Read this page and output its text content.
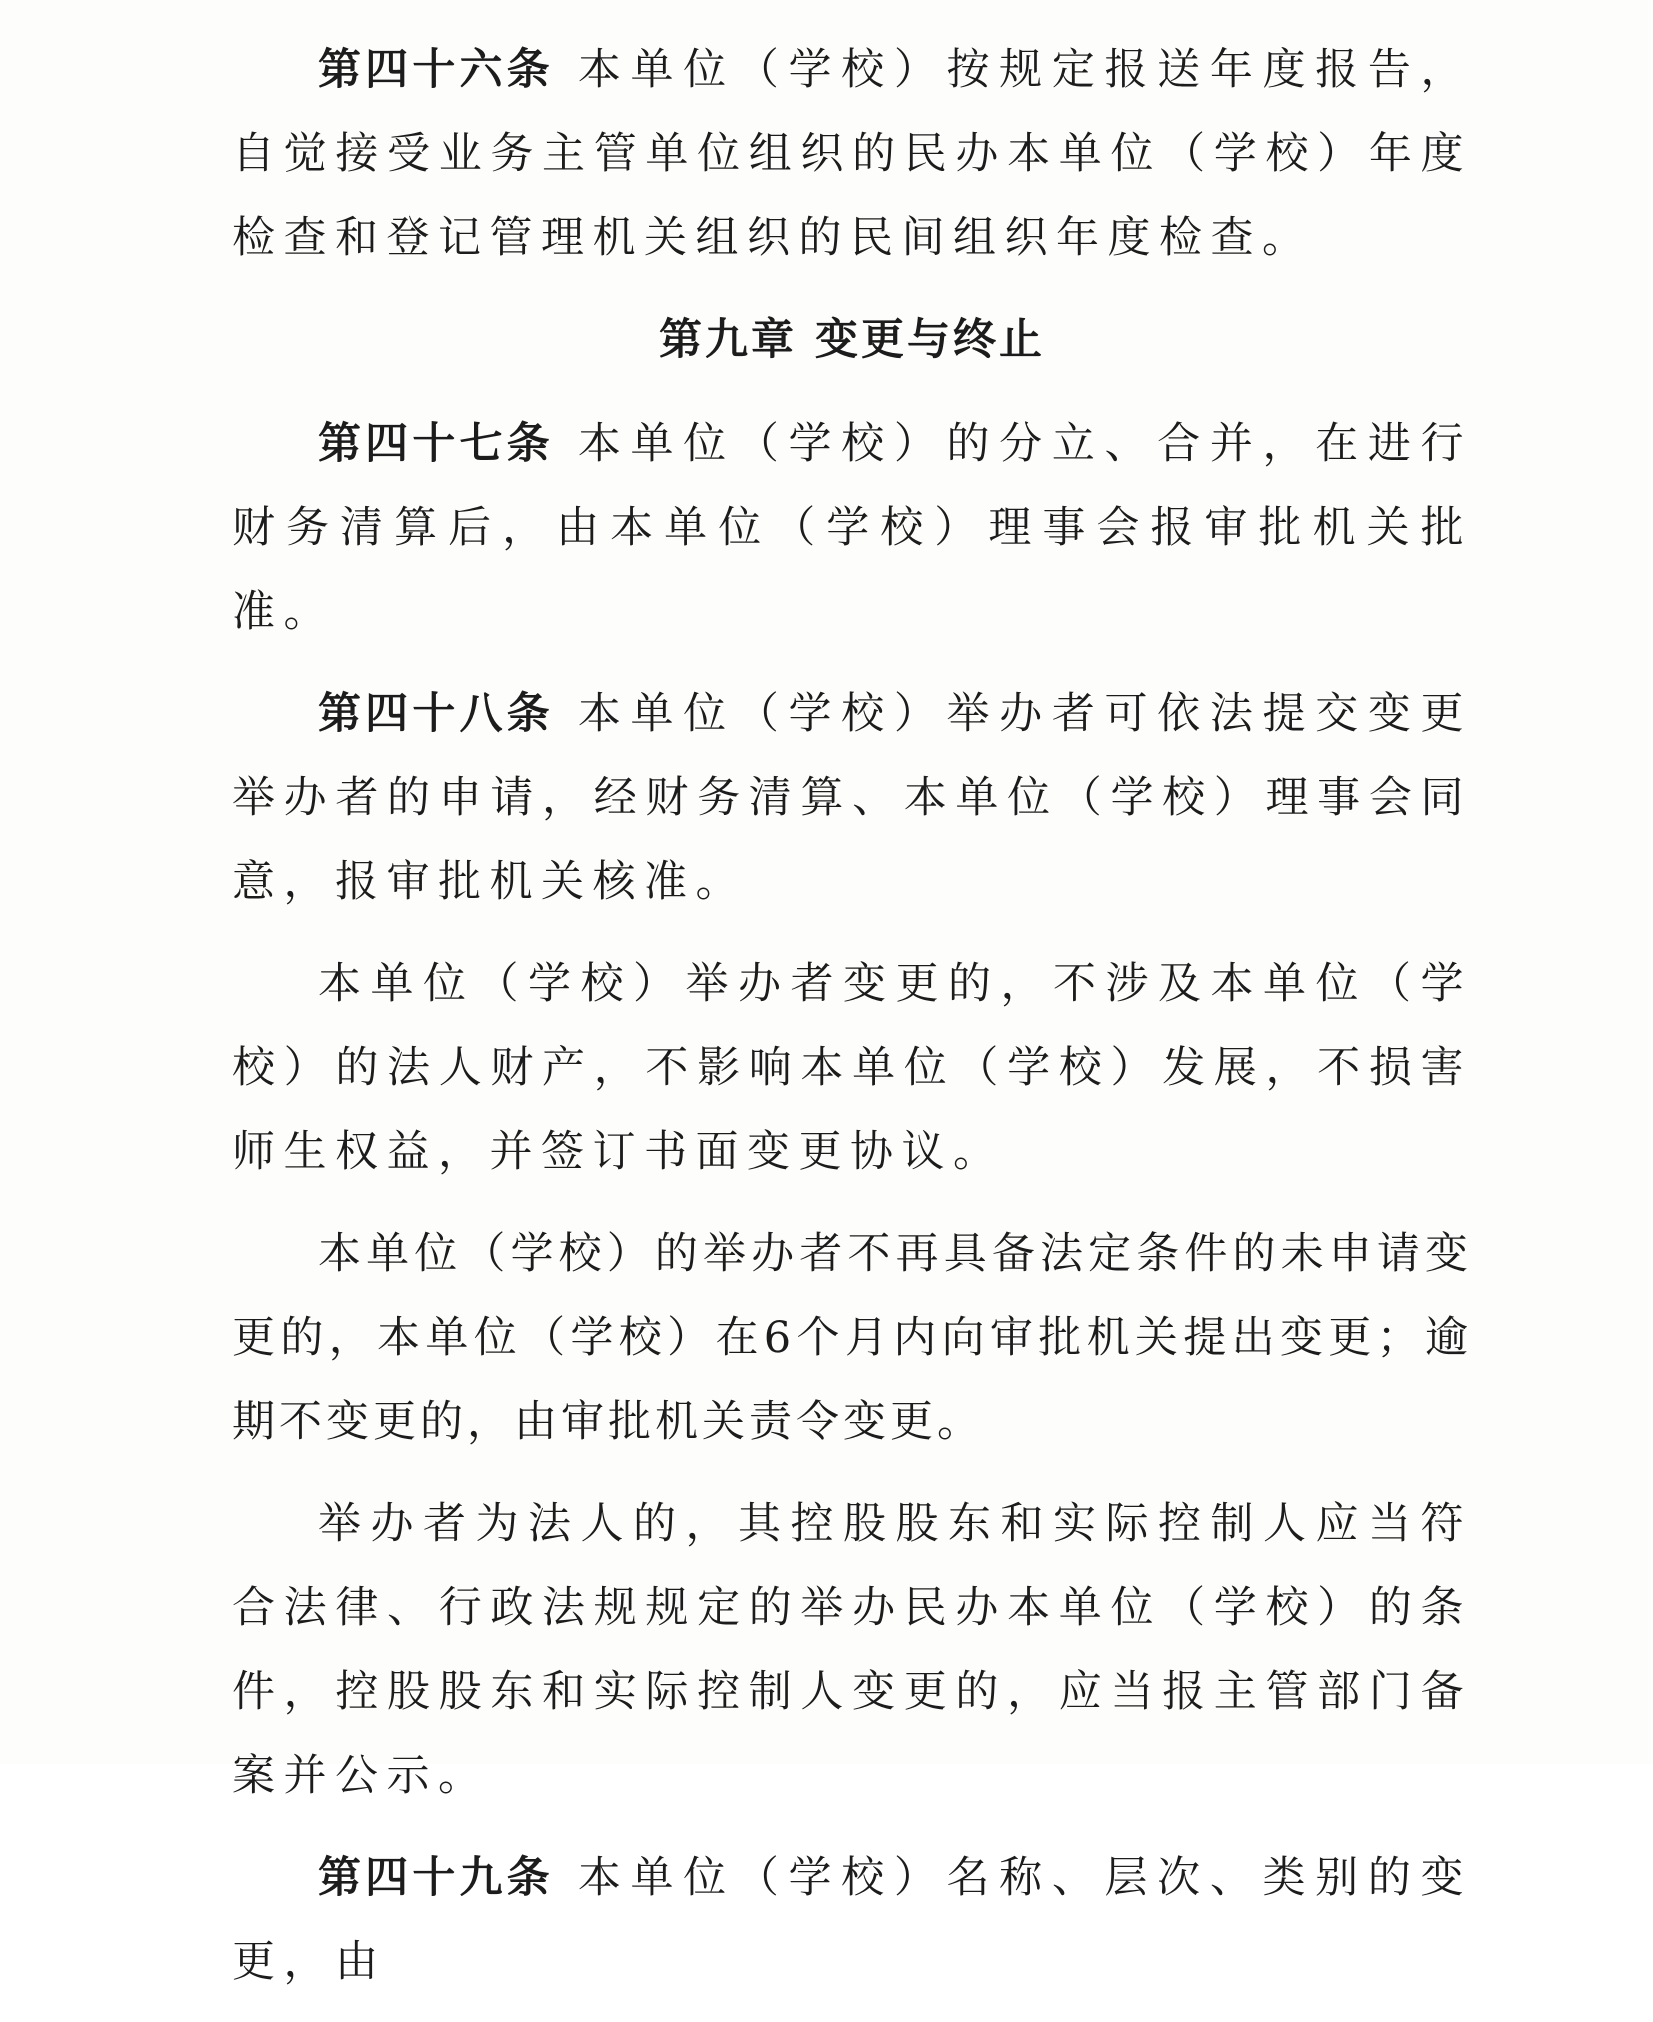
第四十六条 本单位（学校）按规定报送年度报告，自觉接受业务主管单位组织的民办本单位（学校）年度检查和登记管理机关组织的民间组织年度检查。

第九章 变更与终止

第四十七条 本单位（学校）的分立、合并，在进行财务清算后，由本单位（学校）理事会报审批机关批准。

第四十八条 本单位（学校）举办者可依法提交变更举办者的申请，经财务清算、本单位（学校）理事会同意，报审批机关核准。

本单位（学校）举办者变更的，不涉及本单位（学校）的法人财产，不影响本单位（学校）发展，不损害师生权益，并签订书面变更协议。

本单位（学校）的举办者不再具备法定条件的未申请变更的，本单位（学校）在6个月内向审批机关提出变更；逾期不变更的，由审批机关责令变更。

举办者为法人的，其控股股东和实际控制人应当符合法律、行政法规规定的举办民办本单位（学校）的条件，控股股东和实际控制人变更的，应当报主管部门备案并公示。

第四十九条 本单位（学校）名称、层次、类别的变更，由
